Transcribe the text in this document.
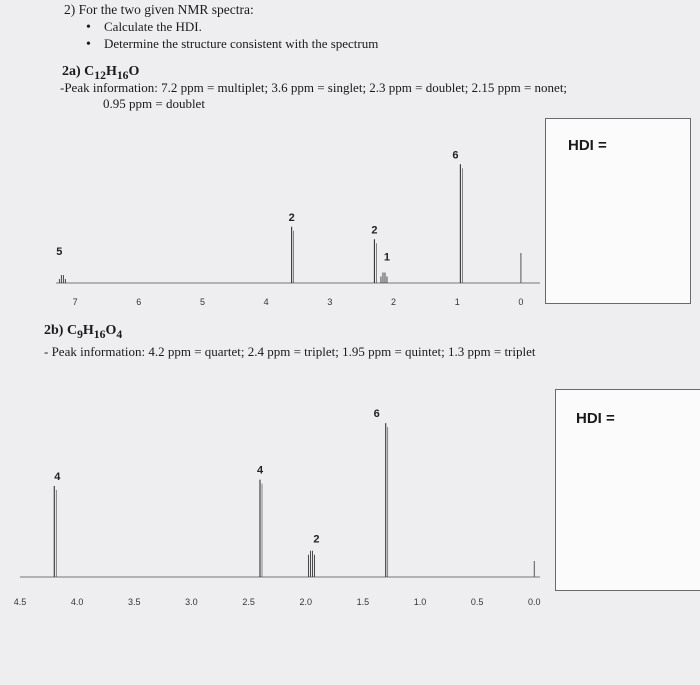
2) For the two given NMR spectra:
• Calculate the HDI.
• Determine the structure consistent with the spectrum
2a) $C_{12}H_{16}O$
-Peak information: 7.2 ppm = multiplet; 3.6 ppm = singlet; 2.3 ppm = doublet; 2.15 ppm = nonet;
0.95 ppm = doublet
HDI =
5
2
2
1
6
7	6	5	4	3	2	1	0
2b) $C_9H_{16}O_4$
- Peak information: 4.2 ppm = quartet; 2.4 ppm = triplet; 1.95 ppm = quintet; 1.3 ppm = triplet
HDI =
4
4
2
6
4.5	4.0	3.5	3.0	2.5	2.0	1.5	1.0	0.5	0.0
